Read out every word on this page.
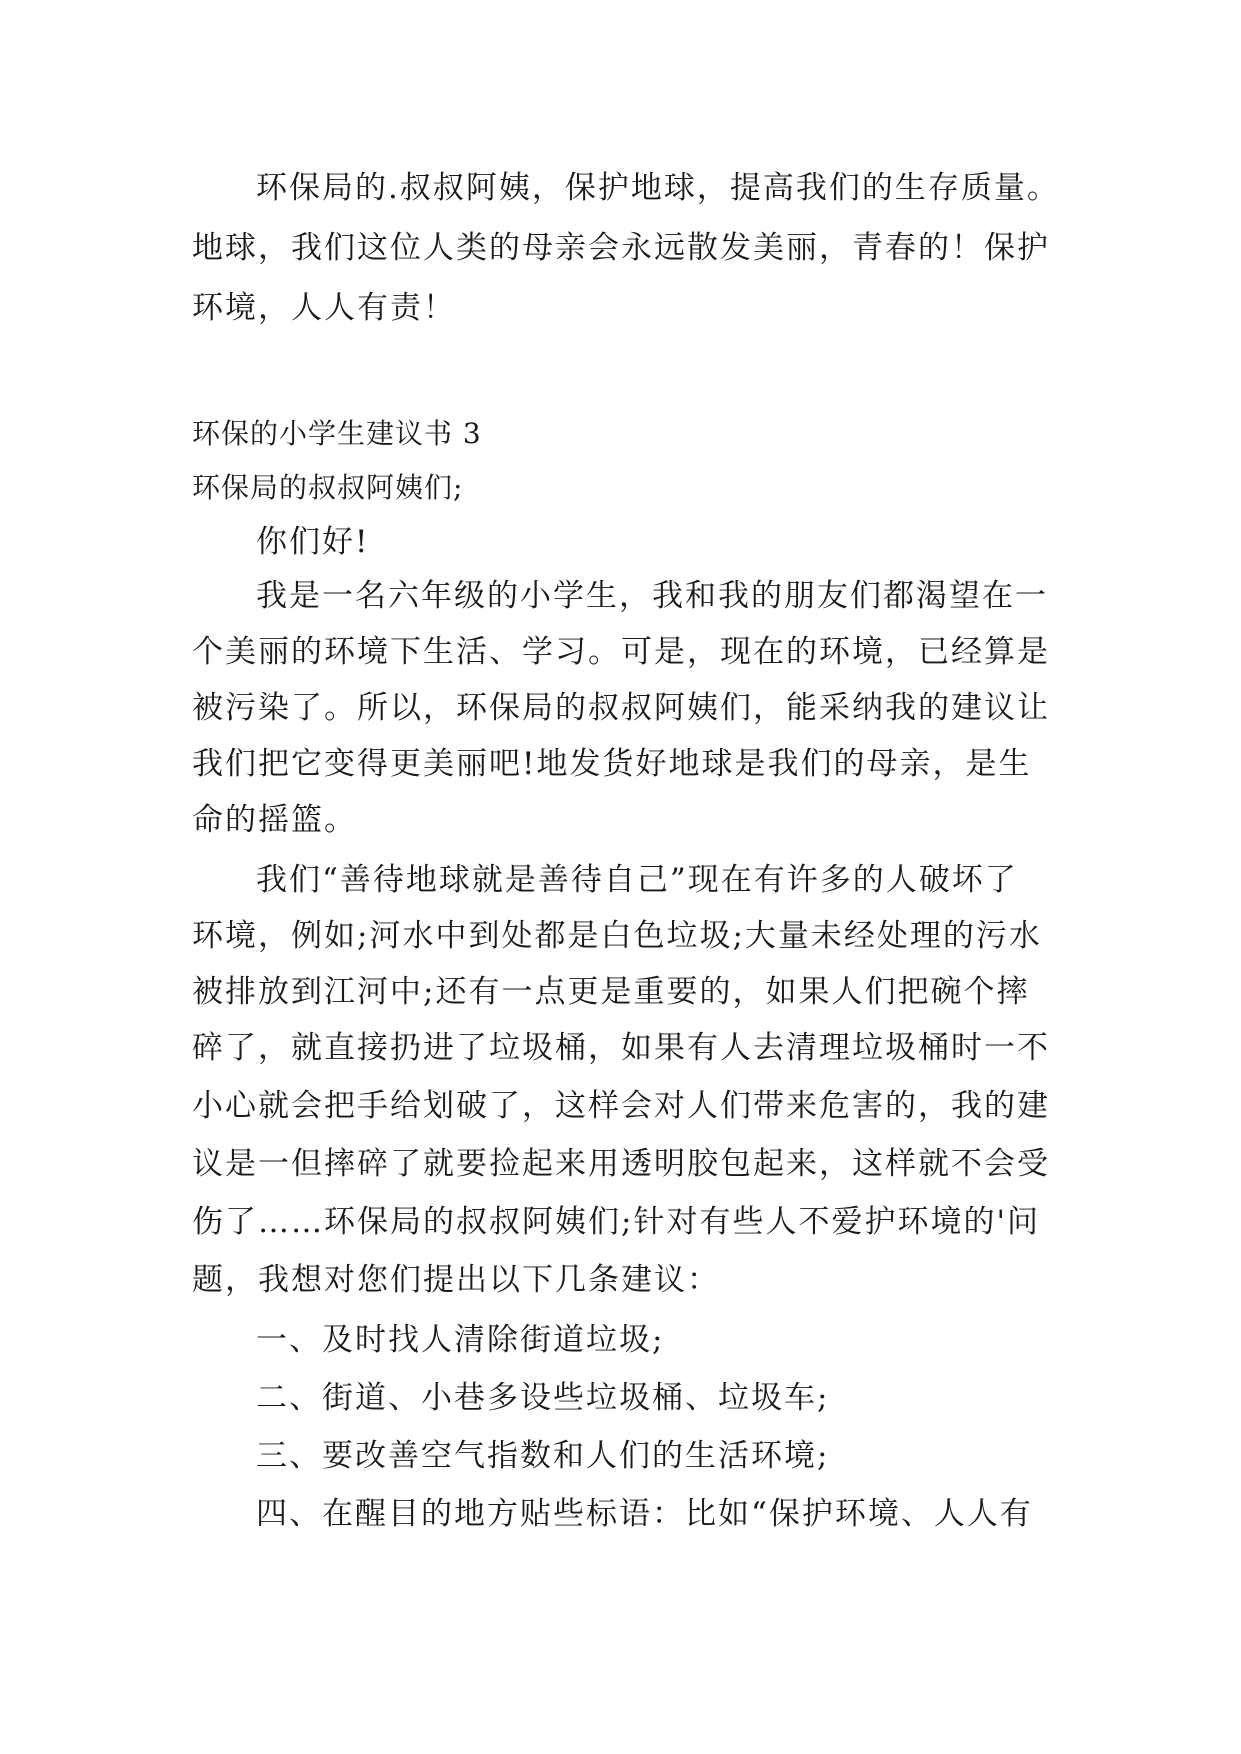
环保局的.叔叔阿姨，保护地球，提高我们的生存质量。
地球，我们这位人类的母亲会永远散发美丽，青春的！保护
环境，人人有责！
环保的小学生建议书 3
环保局的叔叔阿姨们;
你们好!
我是一名六年级的小学生，我和我的朋友们都渴望在一
个美丽的环境下生活、学习。可是，现在的环境，已经算是
被污染了。所以，环保局的叔叔阿姨们，能采纳我的建议让
我们把它变得更美丽吧!地发货好地球是我们的母亲，是生
命的摇篮。
我们“善待地球就是善待自己”现在有许多的人破坏了
环境，例如;河水中到处都是白色垃圾;大量未经处理的污水
被排放到江河中;还有一点更是重要的，如果人们把碗个摔
碎了，就直接扔进了垃圾桶，如果有人去清理垃圾桶时一不
小心就会把手给划破了，这样会对人们带来危害的，我的建
议是一但摔碎了就要捡起来用透明胶包起来，这样就不会受
伤了……环保局的叔叔阿姨们;针对有些人不爱护环境的'问
题，我想对您们提出以下几条建议：
一、及时找人清除街道垃圾;
二、街道、小巷多设些垃圾桶、垃圾车;
三、要改善空气指数和人们的生活环境;
四、在醒目的地方贴些标语：比如“保护环境、人人有
